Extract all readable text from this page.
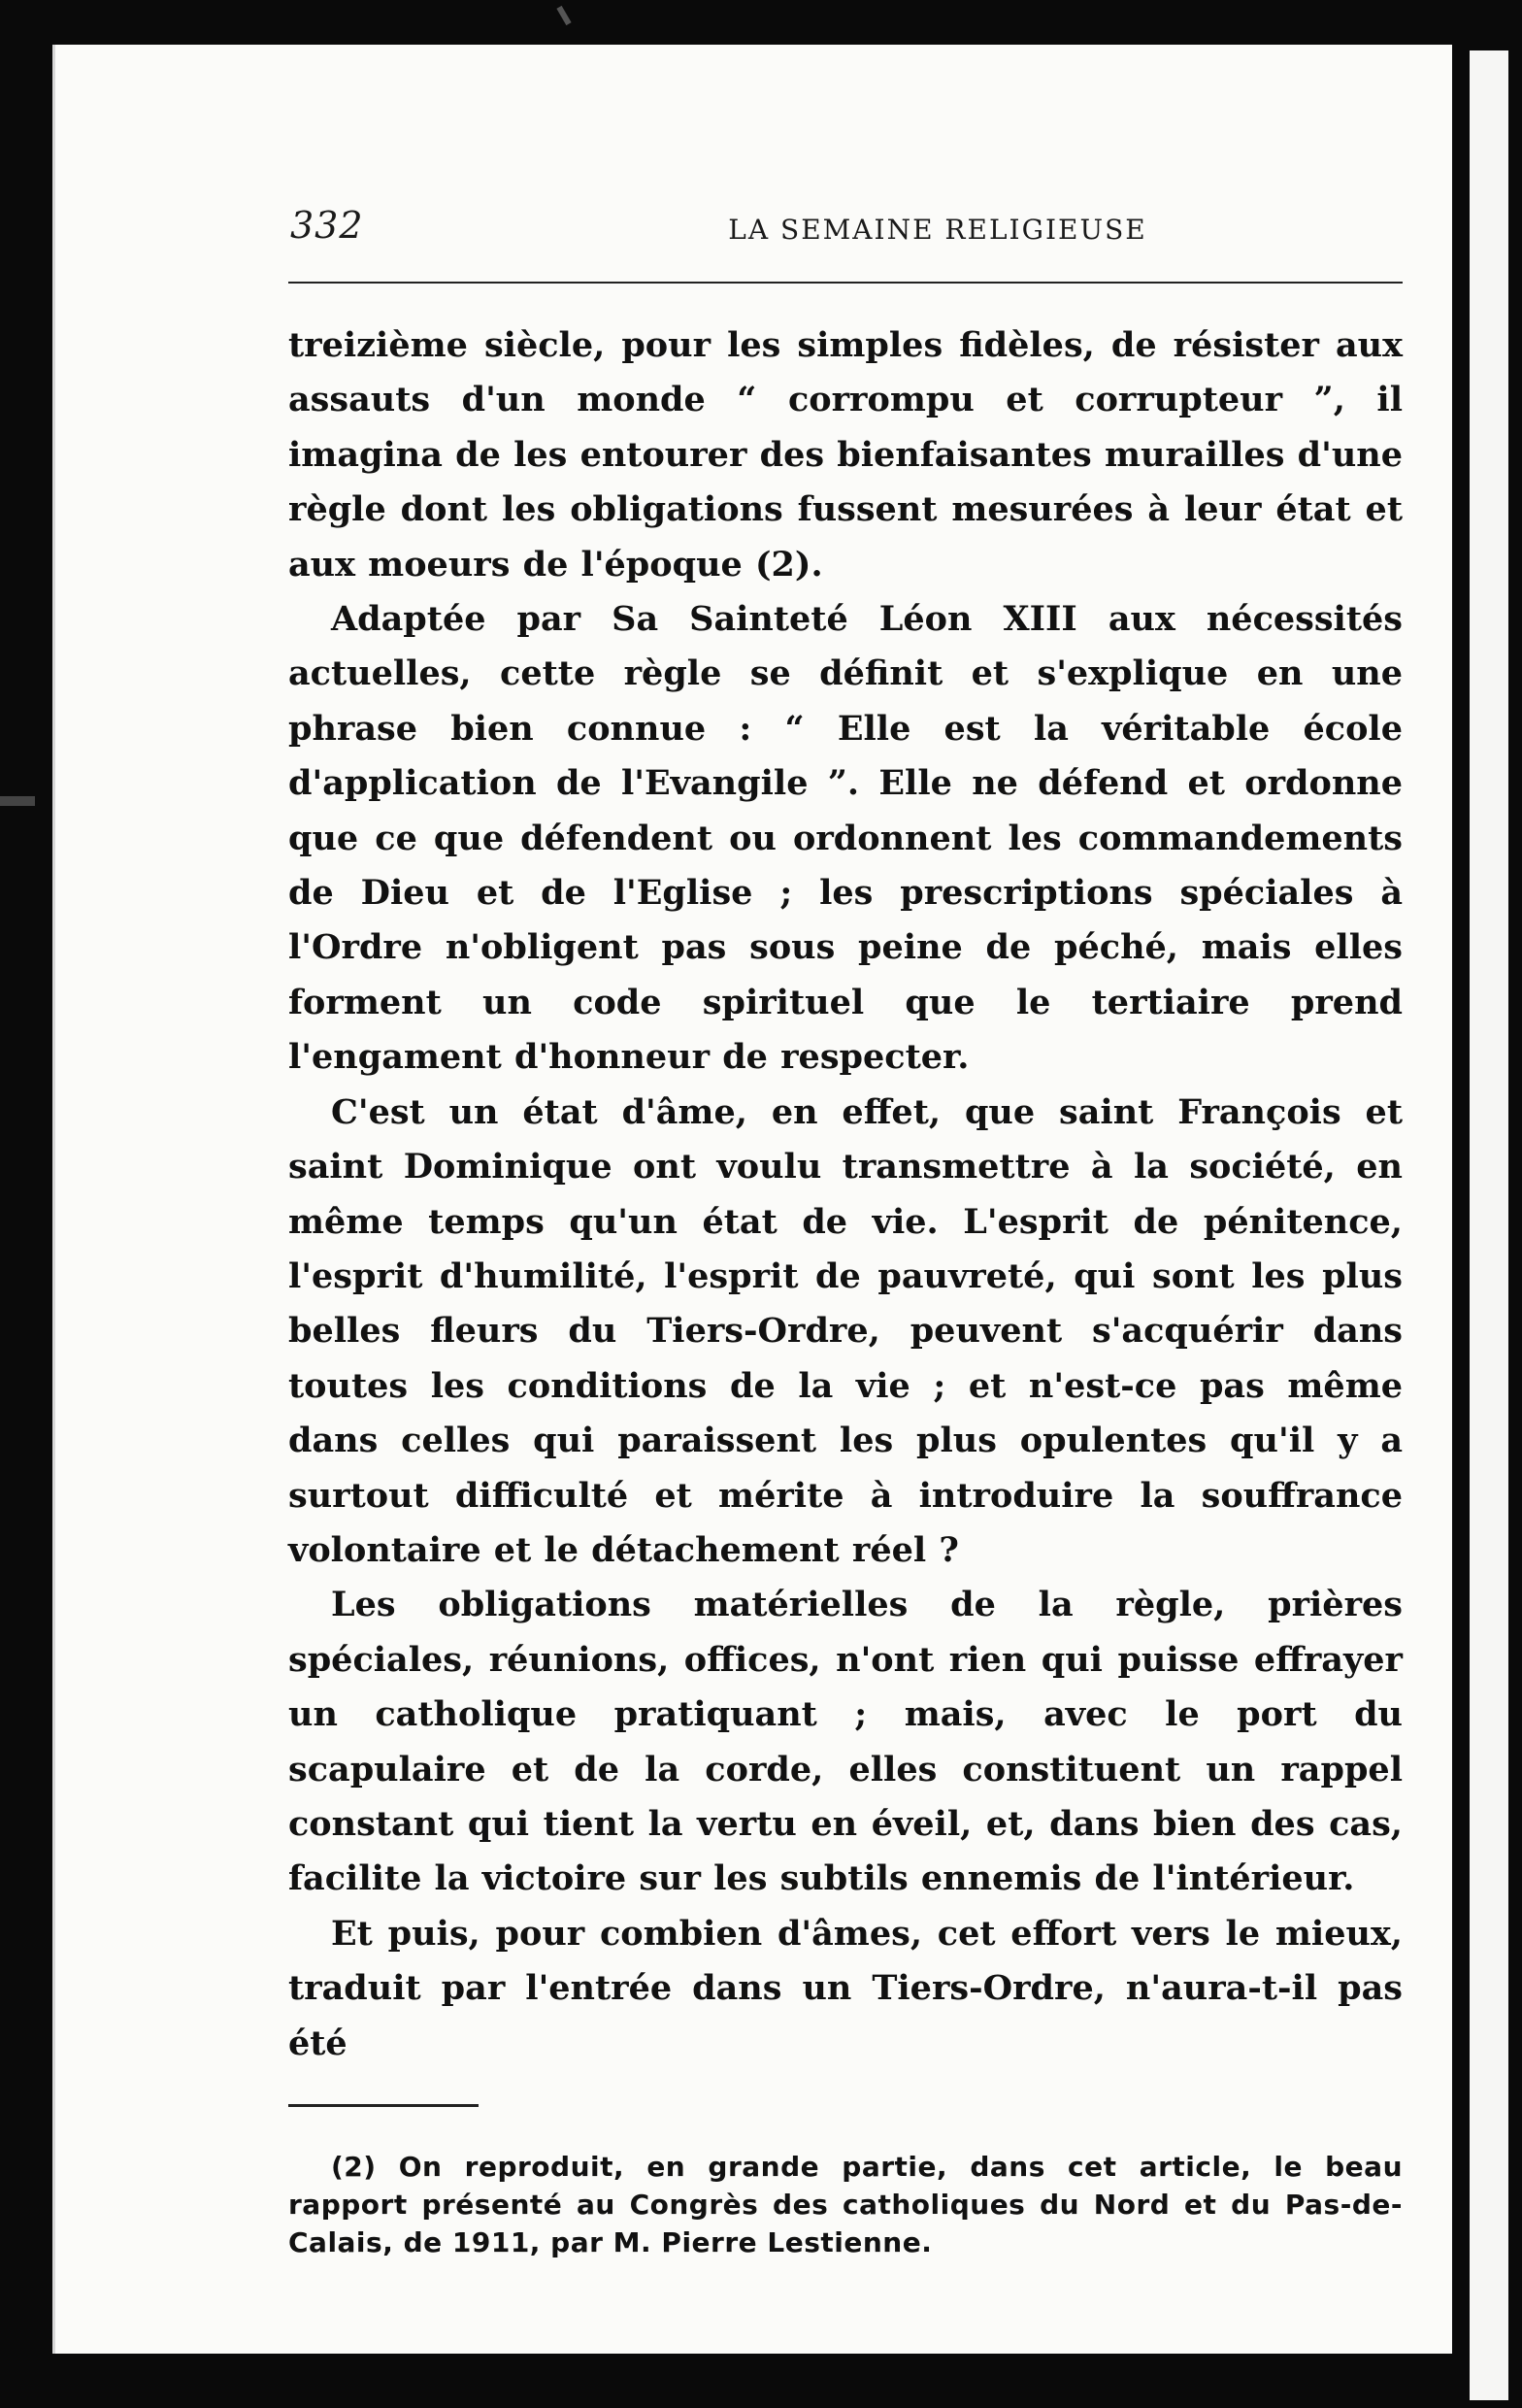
332	LA SEMAINE RELIGIEUSE

treizième siècle, pour les simples fidèles, de résister aux assauts d'un monde “ corrompu et corrupteur ”, il imagina de les entourer des bienfaisantes murailles d'une règle dont les obligations fussent mesurées à leur état et aux moeurs de l'époque (2).

Adaptée par Sa Sainteté Léon XIII aux nécessités actuelles, cette règle se définit et s'explique en une phrase bien connue : “ Elle est la véritable école d'application de l'Evangile ”. Elle ne défend et ordonne que ce que défendent ou ordonnent les commandements de Dieu et de l'Eglise ; les prescriptions spéciales à l'Ordre n'obligent pas sous peine de péché, mais elles forment un code spirituel que le tertiaire prend l'engament d'honneur de respecter.

C'est un état d'âme, en effet, que saint François et saint Dominique ont voulu transmettre à la société, en même temps qu'un état de vie. L'esprit de pénitence, l'esprit d'humilité, l'esprit de pauvreté, qui sont les plus belles fleurs du Tiers-Ordre, peuvent s'acquérir dans toutes les conditions de la vie ; et n'est-ce pas même dans celles qui paraissent les plus opulentes qu'il y a surtout difficulté et mérite à introduire la souffrance volontaire et le détachement réel ?

Les obligations matérielles de la règle, prières spéciales, réunions, offices, n'ont rien qui puisse effrayer un catholique pratiquant ; mais, avec le port du scapulaire et de la corde, elles constituent un rappel constant qui tient la vertu en éveil, et, dans bien des cas, facilite la victoire sur les subtils ennemis de l'intérieur.

Et puis, pour combien d'âmes, cet effort vers le mieux, traduit par l'entrée dans un Tiers-Ordre, n'aura-t-il pas été

(2) On reproduit, en grande partie, dans cet article, le beau rapport présenté au Congrès des catholiques du Nord et du Pas-de-Calais, de 1911, par M. Pierre Lestienne.
